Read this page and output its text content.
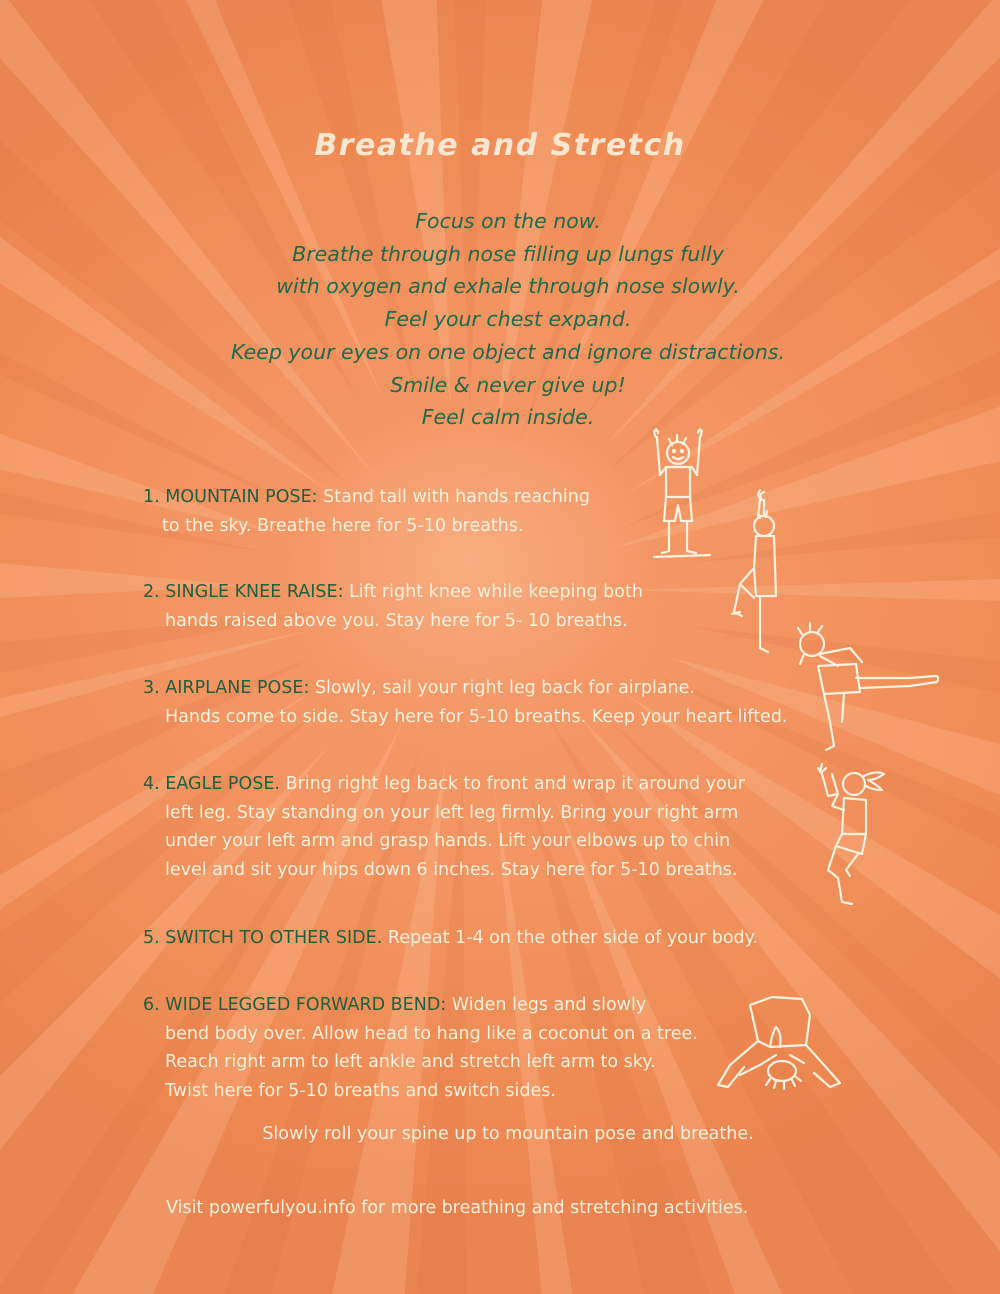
Breathe and Stretch
Focus on the now.
Breathe through nose filling up lungs fully
with oxygen and exhale through nose slowly.
Feel your chest expand.
Keep your eyes on one object and ignore distractions.
Smile & never give up!
Feel calm inside.
1. MOUNTAIN POSE: Stand tall with hands reaching
to the sky. Breathe here for 5-10 breaths.
2. SINGLE KNEE RAISE: Lift right knee while keeping both
hands raised above you. Stay here for 5- 10 breaths.
3. AIRPLANE POSE: Slowly, sail your right leg back for airplane.
Hands come to side. Stay here for 5-10 breaths. Keep your heart lifted.
4. EAGLE POSE. Bring right leg back to front and wrap it around your
left leg. Stay standing on your left leg firmly. Bring your right arm
under your left arm and grasp hands. Lift your elbows up to chin
level and sit your hips down 6 inches. Stay here for 5-10 breaths.
5. SWITCH TO OTHER SIDE. Repeat 1-4 on the other side of your body.
6. WIDE LEGGED FORWARD BEND: Widen legs and slowly
bend body over. Allow head to hang like a coconut on a tree.
Reach right arm to left ankle and stretch left arm to sky.
Twist here for 5-10 breaths and switch sides.
Slowly roll your spine up to mountain pose and breathe.
Visit powerfulyou.info for more breathing and stretching activities.
